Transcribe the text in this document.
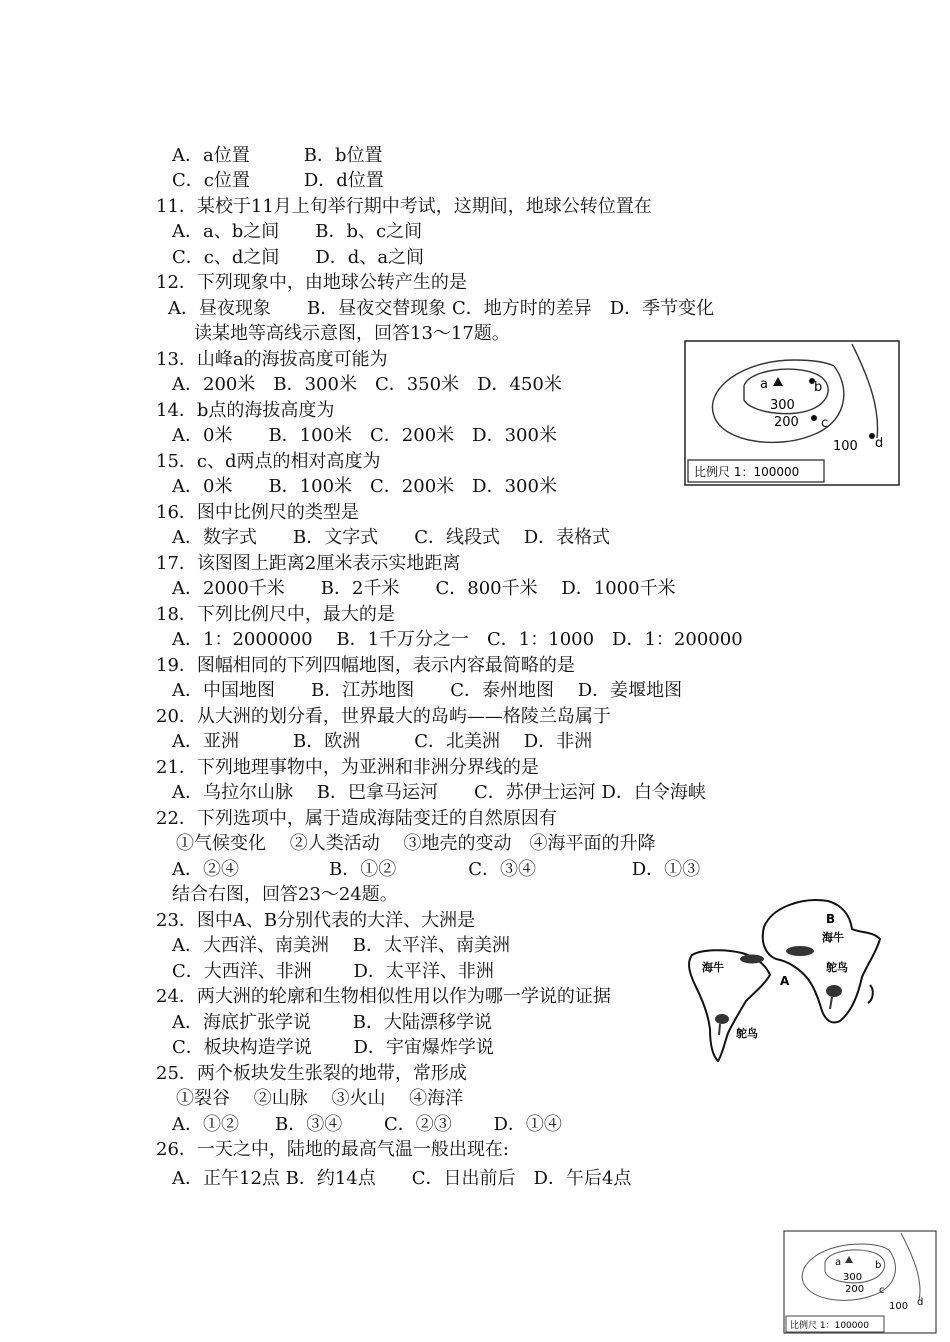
A．a位置　　　B．b位置
C．c位置　　　D．d位置
11．某校于11月上旬举行期中考试，这期间，地球公转位置在
A．a、b之间　　B．b、c之间
C．c、d之间　　D．d、a之间
12．下列现象中，由地球公转产生的是
A．昼夜现象　　B．昼夜交替现象 C．地方时的差异　D．季节变化
读某地等高线示意图，回答13～17题。
13．山峰a的海拔高度可能为
A．200米　B．300米　C．350米　D．450米
14．b点的海拔高度为
A．0米　　B．100米　C．200米　D．300米
15．c、d两点的相对高度为
A．0米　　B．100米　C．200米　D．300米
16．图中比例尺的类型是
A．数字式　　B．文字式　　C．线段式　 D．表格式
17．该图图上距离2厘米表示实地距离
A．2000千米　　B．2千米　　C．800千米　 D．1000千米
18．下列比例尺中，最大的是
A．1：2000000　 B．1千万分之一　C．1：1000　D．1：200000
19．图幅相同的下列四幅地图，表示内容最简略的是
A．中国地图　　B．江苏地图　　C．泰州地图　 D．姜堰地图
20．从大洲的划分看，世界最大的岛屿——格陵兰岛属于
A．亚洲　　　B．欧洲　　　C．北美洲　 D．非洲
21．下列地理事物中，为亚洲和非洲分界线的是
A．乌拉尔山脉　 B．巴拿马运河　　C．苏伊士运河 D．白令海峡
22．下列选项中，属于造成海陆变迁的自然原因有
①气候变化　 ②人类活动　 ③地壳的变动　④海平面的升降
A．②④　　　　　B．①②　　　　C．③④　　　　　 D．①③
结合右图，回答23～24题。
23．图中A、B分别代表的大洋、大洲是
A．大西洋、南美洲　 B．太平洋、南美洲
C．大西洋、非洲　　 D．太平洋、非洲
24．两大洲的轮廓和生物相似性用以作为哪一学说的证据
A．海底扩张学说　　 B．大陆漂移学说
C．板块构造学说　　 D．宇宙爆炸学说
25．两个板块发生张裂的地带，常形成
①裂谷　 ②山脉　 ③火山　 ④海洋
A．①②　　B．③④　　 C．②③　　 D．①④
26．一天之中，陆地的最高气温一般出现在:
A．正午12点 B．约14点　　C．日出前后　D．午后4点
a	b
300
200 c
100 d
比例尺 1：100000
B
海牛
海牛
A
鸵鸟
鸵鸟
a	b
300
200 c
100 d
比例尺 1：100000
